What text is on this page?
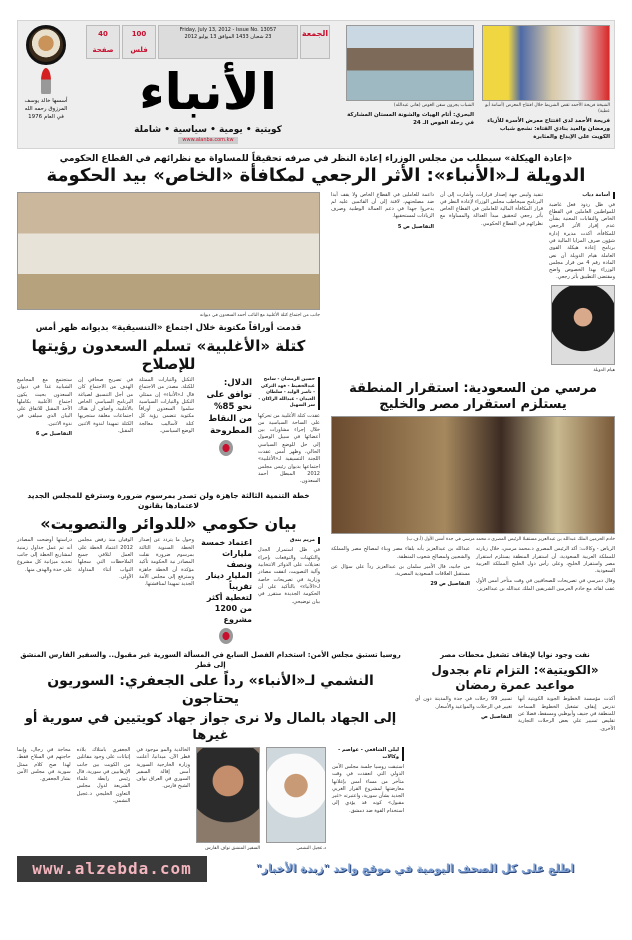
الشيخة فريحة الأحمد تقص الشريط خلال افتتاح المعرض (أسامة أبو عطية)
فريحة الأحمد لدى افتتاح معرض الأسرة للأزياء ورمضان والعيد بنادي الفتاة: نشجع شباب الكويت على الإبداع والمثابرة
الشباب يجرون سفن الغوص (هاني عبدالله)
البحري: أتام الهيات والشونة المستان المشاركة في رحلة الغوص الـ 24
الجمعة
Friday, July 13, 2012 - Issue No. 13057
23 شعبان 1433 الموافق 13 يوليو 2012
100 فلس
40 صفحة
الأنباء
كويتية • يومية • سياسية • شاملة
www.alanba.com.kw
أسسها خالد يوسف المرزوق رحمه الله في العام 1976
«إعادة الهيكلة» سيطلب من مجلس الوزراء إعادة النظر في صرفه تحقيقاً للمساواة مع نظرائهم في القطاع الحكومي
الدويلة لـ«الأنباء»: الأثر الرجعي لمكافأة «الخاص» بيد الحكومة
أسامة دياب
في ظل ردود فعل غاضبة للمواطنين العاملين في القطاع الخاص والنقابات المعنية بشأن عدم إقرار الأثر الرجعي للمكافأة، أكدت مديرة إدارة شؤون صرف المزايا المالية في برنامج إعادة هيكلة القوى العاملة هيام الدويلة أن نص المادة رقم 4 من قرار مجلس الوزراء بهذا الخصوص واضح ومقتضى التطبيق بأثر رجعي.
هيام الدويلة
تنفيذ وليس جهة إصدار قرارات، وأشارت إلى أن البرنامج سيخاطب مجلس الوزراء لإعادة النظر في قرار المكافأة المالية للعاملين في القطاع الخاص بأثر رجعي لتحقيق مبدأ العدالة والمساواة مع نظرائهم في القطاع الحكومي.
داعمة للعاملين في القطاع الخاص ولا يقف أبدا ضد مصلحتهم، لافتة إلى أن القائمين عليه لم يدخروا جهدا في دعم العمالة الوطنية وصرف الزيادات لمستحقيها.
التفاصيل ص 5
مرسي من السعودية: استقرار المنطقة يستلزم استقرار مصر والخليج
خادم الحرمين الملك عبدالله بن عبدالعزيز مستقبلا الرئيس المصري د.محمد مرسي في جدة أمس الأول (أ.ف.ب)
الرياض - وكالات: أكد الرئيس المصري د.محمد مرسي، خلال زيارته للمملكة العربية السعودية، أن استقرار المنطقة يستلزم استقرار مصر واستقرار الخليج، وعلى رأس دول الخليج المملكة العربية السعودية.
وقال دمرسي في تصريحات للصحافيين في وقت متأخر أمس الأول عقب لقائه مع خادم الحرمين الشريفين الملك عبدالله بن عبدالعزيز.
عبدالله بن عبدالعزيز بأنه بلقاء مصر وبناء لمصالح مصر والمملكة والشعبين ولمصالح شعوب المنطقة.
من جانبه، قال الأمير سلمان بن عبدالعزيز رداً على سؤال عن مستقبل العلاقات السعودية المصرية.
التفاصيل ص 29
جانب من اجتماع كتلة الأغلبية مع النائب أحمد السعدون في ديوانه
قدمت أوراقاً مكتوبة خلال اجتماع «التنسيقية» بديوانه ظهر أمس
كتلة «الأغلبية» تسلم السعدون رؤيتها للإصلاح
حسين الرمضان - سامح عبدالحفيظ - فهد التركي - ناصر الوليد - سلطان العبدان - عبدالله الراكان - سر السهيل
عقدت كتلة الأغلبية من تحركها على الساحة السياسية من خلال إجراء مشاورات بين أعضائها في سبيل الوصول إلى حل للوضع السياسي الحالي، وظهر أمس عقدت اللجنة التنسيقية لـ«الأغلبية» اجتماعها بديوان رئيس مجلس 2012 المبطل أحمد السعدون.
الدلال: توافق على نحو 85% من النقاط المطروحة
التكتل والتيارات الممثلة للكتلة. مصدر من الاجتماع قال لـ«الأنباء» إن ممثلي التكتل والتيارات السياسية سلموا السعدون أوراقاً مكتوبة تتضمن رؤية كل كتلة لأساليب معالجة الوضع السياسي.
في تصريح صحافي إن الهدف من الاجتماع كان من أجل التنسيق لصياغة البرنامج السياسي الخاص بالأغلبية. وأضاف أن هناك اجتماعات مغلقة ستجريها الكتلة تمهيدا لندوة الاثنين المقبل.
ستجتمع مع المجاميع الشبابية غدا في ديوان السعدون بحيث يكون اجتماع الأغلبية بكاملها الأحد المقبل للاتفاق على البيان الذي سيلقى في ندوة الاثنين.
التفاصيل ص 6
خطة التنمية الثالثة جاهزة ولن تصدر بمرسوم ضرورة وسترفع للمجلس الجديد لاعتمادها بقانون
بيان حكومي «للدوائر والتصويت»
مريم بندق
في ظل استمرار الجدل والتكهنات والتوقعات بإجراء تعديلات على الدوائر الانتخابية وآلية التصويت، اتفقت مصادر وزارية في تصريحات خاصة لـ«الأنباء» بالتأكيد على أن الحكومة الجديدة ستقرر في بيان توضيحي.
اعتماد خمسة مليارات ونصف المليار دينار تقريباً لتغطية أكثر من 1200 مشروع
وحول ما يتردد عن إصدار الخطة السنوية الثالثة بمرسوم ضرورة نقلت المصادر نية الحكومة تأكيد مؤكدة أن الخطة جاهزة وسترفع إلى مجلس الأمة الجديد تمهيدا لمناقشتها.
الوقيان منذ رفض مجلس 2012 اعتماد الخطة على العمل لتلافي جميع الملاحظات التي سجلها النواب أثناء المداولة الأولى.
دراستها أوضحت المصادر أنه تم عمل جداول زمنية لمشاريع الخطة إلى جانب تحديد ميزانية كل مشروع على حدة والهدف منها.
نفت وجود نوايا لإيقاف تشغيل محطات مصر
«الكويتية»: التزام تام بجدول مواعيد عمرة رمضان
أكدت مؤسسة الخطوط الجوية الكويتية أنها تدرس إيقاف تشغيل الخطوط السماحة للمنطقة في جنيف وأبوظبي ومسقط، فضلا عن تقليص تسيير علي بعض الرحلات التجارية الأخرى.
تسيير 99 رحلات في جدة والمدينة دون أي تغيير في الرحلات والمواعيد والأسعار.
التفاصيل ص
روسيا تستبق مجلس الأمن: استخدام الفصل السابع في المسألة السورية غير مقبول.. والسفير الفارس المنشق إلى قطر
النشمي لـ«الأنباء» رداً على الجعفري: السوريون يحتاجون
إلى الجهاد بالمال ولا نرى جواز جهاد كويتيين في سورية أو غيرها
ليلى الشافعي - عواصم - وكالات
استبقت روسيا جلسة مجلس الأمن الدولي التي انعقدت في وقت متأخر من مساء أمس بإعلانها معارضتها لمشروع القرار الغربي الجديد بشأن سورية، واعتبرته «غير مقبول» كونه قد يؤدي إلى استخدام القوة ضد دمشق.
د.عجيل النشمي
السفير المنشق نواف الفارس
الخالدية والمو موجود في قطر الآن. ميدانيا، أعلنت وزارة الخارجية السورية أمس إقالة السفير السوري في العراق نواف الشيخ فارس.
الجعفري بامتلاك بلاده إثباتات على وجود مقاتلين من الكويت بين جانب الإرهابيين في سورية، قال رئيس رابطة علماء الشريعة لدول مجلس التعاون الخليجي د.عجيل النشمي.
محاجة في رجال، وإنما حاجتهم في السلاح فقط، لهذا صح كلام ممثل سورية في مجلس الأمن بشار الجعفري.
اطلع على كل الصحف اليومية في موقع واحد "زبدة الأخبار"
www.alzebda.com
